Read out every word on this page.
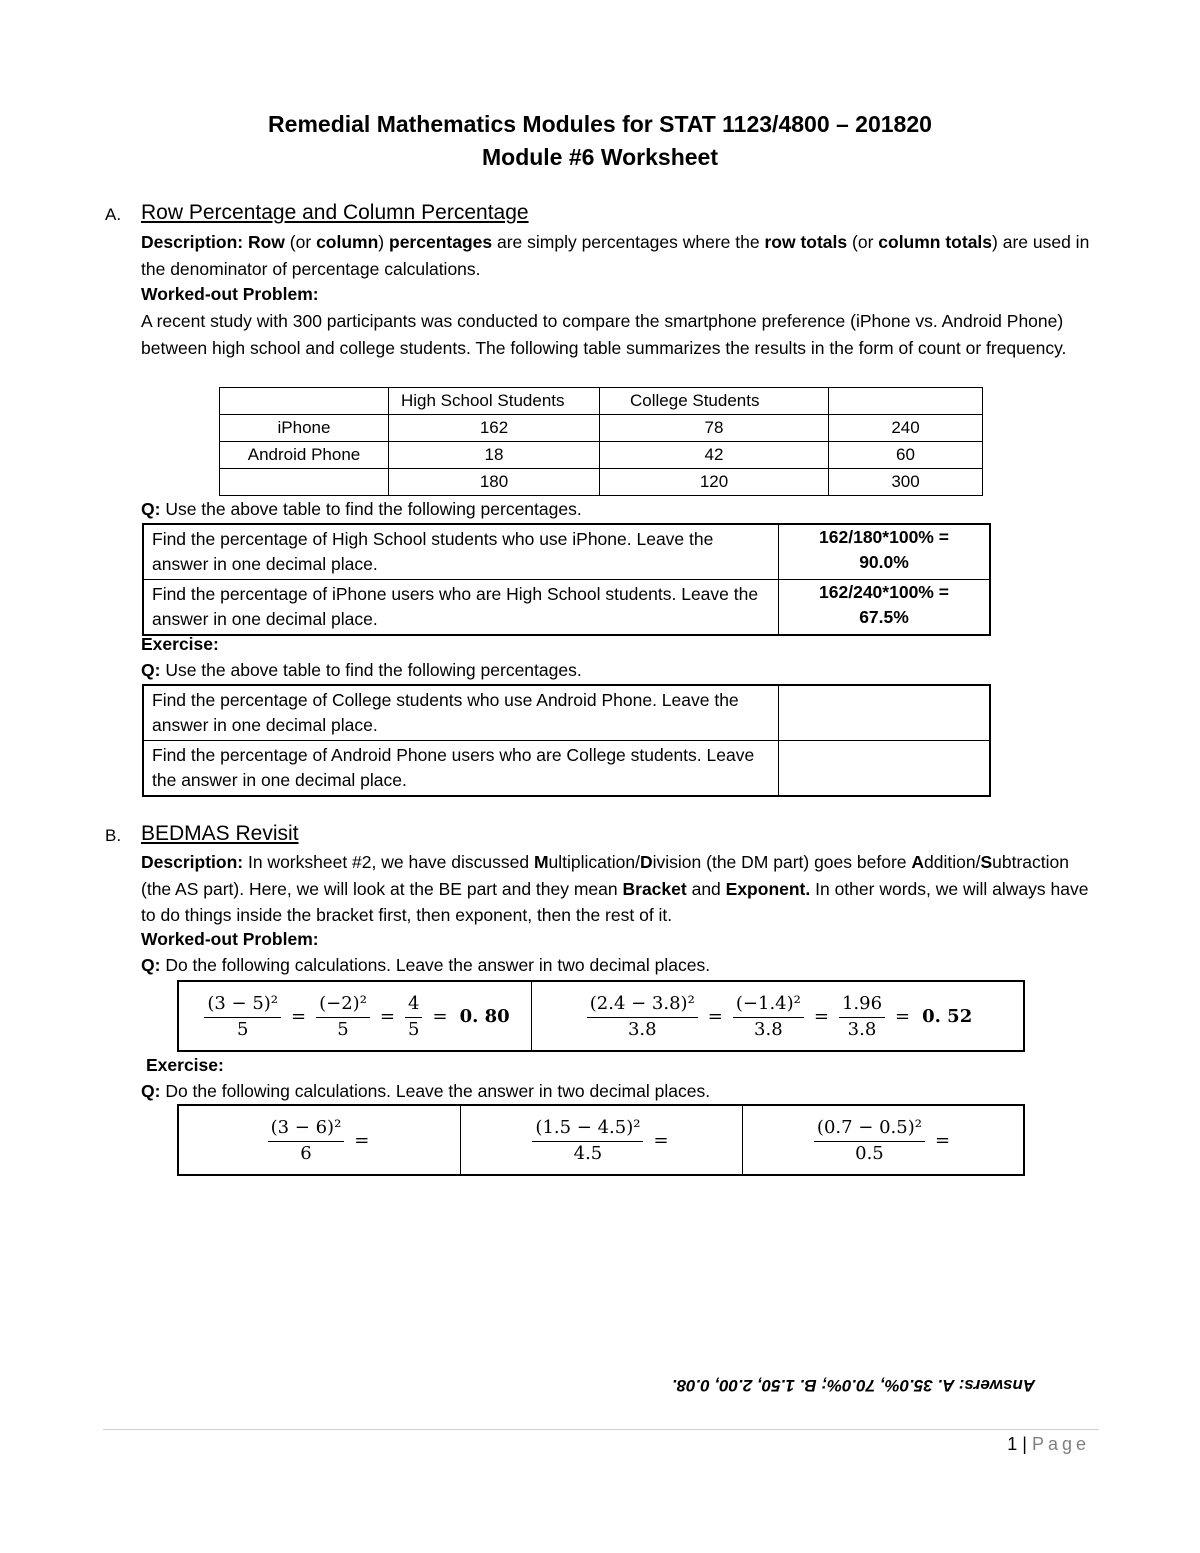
Remedial Mathematics Modules for STAT 1123/4800 – 201820
Module #6 Worksheet
A. Row Percentage and Column Percentage
Description: Row (or column) percentages are simply percentages where the row totals (or column totals) are used in the denominator of percentage calculations.
Worked-out Problem:
A recent study with 300 participants was conducted to compare the smartphone preference (iPhone vs. Android Phone) between high school and college students. The following table summarizes the results in the form of count or frequency.
	High School Students	College Students	
iPhone	162	78	240
Android Phone	18	42	60
	180	120	300
Q: Use the above table to find the following percentages.
Find the percentage of High School students who use iPhone. Leave the answer in one decimal place.	162/180*100% =
90.0%

Find the percentage of iPhone users who are High School students. Leave the answer in one decimal place.	162/240*100% =
67.5%
Exercise:
Q: Use the above table to find the following percentages.
Find the percentage of College students who use Android Phone. Leave the answer in one decimal place.	
Find the percentage of Android Phone users who are College students. Leave the answer in one decimal place.	
B. BEDMAS Revisit
Description: In worksheet #2, we have discussed Multiplication/Division (the DM part) goes before Addition/Subtraction (the AS part). Here, we will look at the BE part and they mean Bracket and Exponent. In other words, we will always have to do things inside the bracket first, then exponent, then the rest of it.
Worked-out Problem:
Q: Do the following calculations. Leave the answer in two decimal places.
$\frac{\text{(3 − 5)²}}{5} = \frac{\text{(−2)²}}{5} = \frac{4}{5} = 0$. 80	$\frac{\text{(2.4 − 3.8)²}}{3.8} = \frac{\text{(−1.4)²}}{3.8} = \frac{1.96}{3.8} = 0$. 52
Exercise:
Q: Do the following calculations. Leave the answer in two decimal places.
$\frac{\text{(3 − 6)²}}{6}$ =	$\frac{\text{(1.5 − 4.5)²}}{4.5}$ =	$\frac{\text{(0.7 − 0.5)²}}{0.5}$ =
Answers: A. 35.0%, 70.0%; B. 1.50, 2.00, 0.08.
1 | Page
